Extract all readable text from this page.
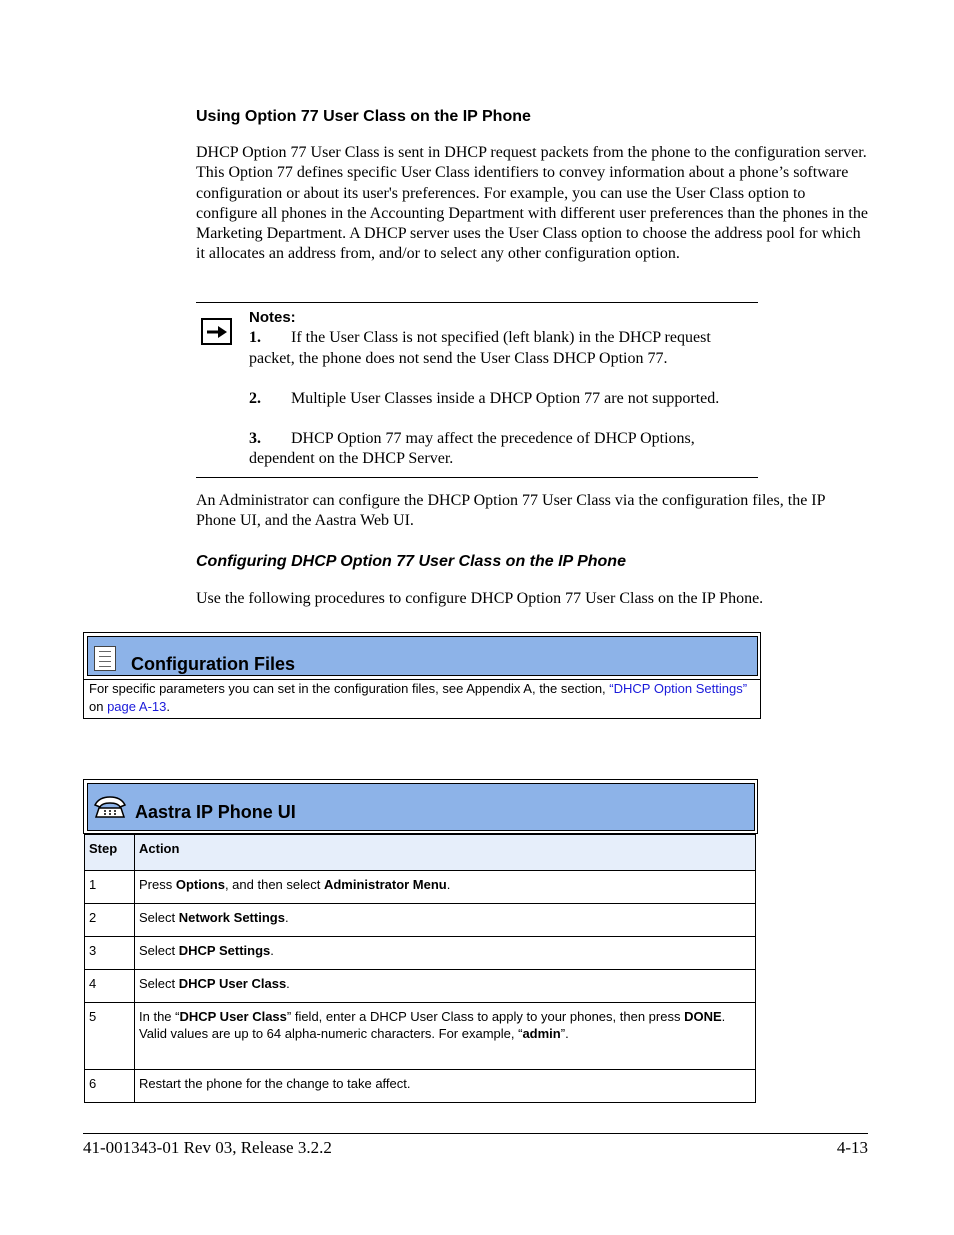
Using Option 77 User Class on the IP Phone
DHCP Option 77 User Class is sent in DHCP request packets from the phone to the configuration server. This Option 77 defines specific User Class identifiers to convey information about a phone’s software configuration or about its user's preferences. For example, you can use the User Class option to configure all phones in the Accounting Department with different user preferences than the phones in the Marketing Department. A DHCP server uses the User Class option to choose the address pool for which it allocates an address from, and/or to select any other configuration option.
Notes:

1. If the User Class is not specified (left blank) in the DHCP request packet, the phone does not send the User Class DHCP Option 77.

2. Multiple User Classes inside a DHCP Option 77 are not supported.

3. DHCP Option 77 may affect the precedence of DHCP Options, dependent on the DHCP Server.

An Administrator can configure the DHCP Option 77 User Class via the configuration files, the IP Phone UI, and the Aastra Web UI.
Configuring DHCP Option 77 User Class on the IP Phone
Use the following procedures to configure DHCP Option 77 User Class on the IP Phone.
Configuration Files
For specific parameters you can set in the configuration files, see Appendix A, the section, “DHCP Option Settings” on page A-13.
Aastra IP Phone UI
Step	Action
1	Press Options, and then select Administrator Menu.
2	Select Network Settings.
3	Select DHCP Settings.
4	Select DHCP User Class.
5	In the “DHCP User Class” field, enter a DHCP User Class to apply to your phones, then press DONE.
Valid values are up to 64 alpha-numeric characters. For example, “admin”.
6	Restart the phone for the change to take affect.
41-001343-01 Rev 03, Release 3.2.2	4-13
